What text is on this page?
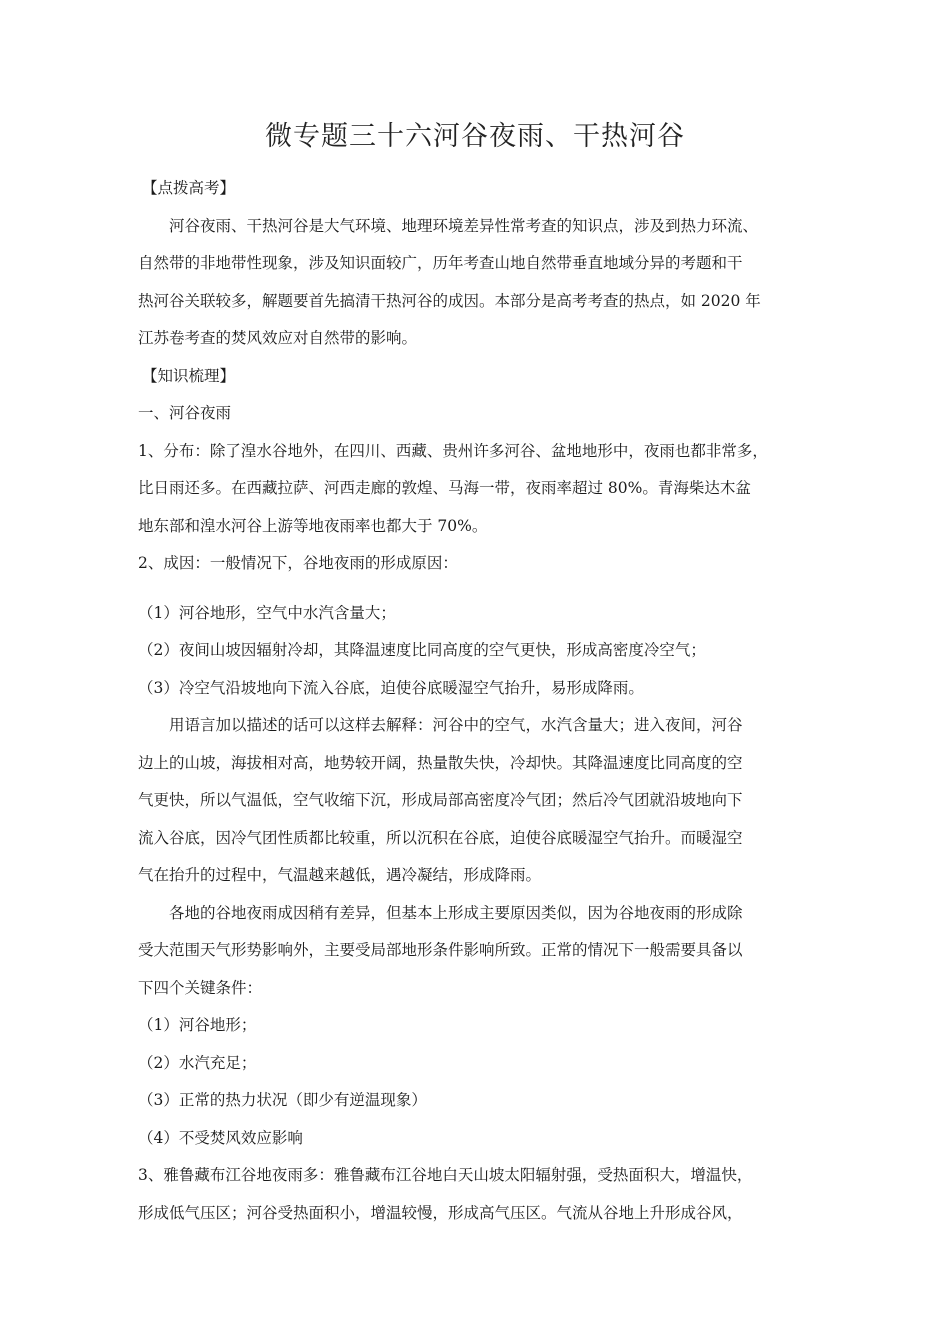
微专题三十六河谷夜雨、干热河谷
【点拨高考】
河谷夜雨、干热河谷是大气环境、地理环境差异性常考查的知识点，涉及到热力环流、
自然带的非地带性现象，涉及知识面较广，历年考查山地自然带垂直地域分异的考题和干
热河谷关联较多，解题要首先搞清干热河谷的成因。本部分是高考考查的热点，如 2020 年
江苏卷考查的焚风效应对自然带的影响。
【知识梳理】
一、河谷夜雨
1、分布：除了湟水谷地外，在四川、西藏、贵州许多河谷、盆地地形中，夜雨也都非常多，
比日雨还多。在西藏拉萨、河西走廊的敦煌、马海一带，夜雨率超过 80%。青海柴达木盆
地东部和湟水河谷上游等地夜雨率也都大于 70%。
2、成因：一般情况下，谷地夜雨的形成原因：
（1）河谷地形，空气中水汽含量大；
（2）夜间山坡因辐射冷却，其降温速度比同高度的空气更快，形成高密度冷空气；
（3）冷空气沿坡地向下流入谷底，迫使谷底暖湿空气抬升，易形成降雨。
用语言加以描述的话可以这样去解释：河谷中的空气，水汽含量大；进入夜间，河谷
边上的山坡，海拔相对高，地势较开阔，热量散失快，冷却快。其降温速度比同高度的空
气更快，所以气温低，空气收缩下沉，形成局部高密度冷气团；然后冷气团就沿坡地向下
流入谷底，因冷气团性质都比较重，所以沉积在谷底，迫使谷底暖湿空气抬升。而暖湿空
气在抬升的过程中，气温越来越低，遇冷凝结，形成降雨。
各地的谷地夜雨成因稍有差异，但基本上形成主要原因类似，因为谷地夜雨的形成除
受大范围天气形势影响外，主要受局部地形条件影响所致。正常的情况下一般需要具备以
下四个关键条件：
（1）河谷地形；
（2）水汽充足；
（3）正常的热力状况（即少有逆温现象）
（4）不受焚风效应影响
3、雅鲁藏布江谷地夜雨多：雅鲁藏布江谷地白天山坡太阳辐射强，受热面积大，增温快，
形成低气压区；河谷受热面积小，增温较慢，形成高气压区。气流从谷地上升形成谷风，
